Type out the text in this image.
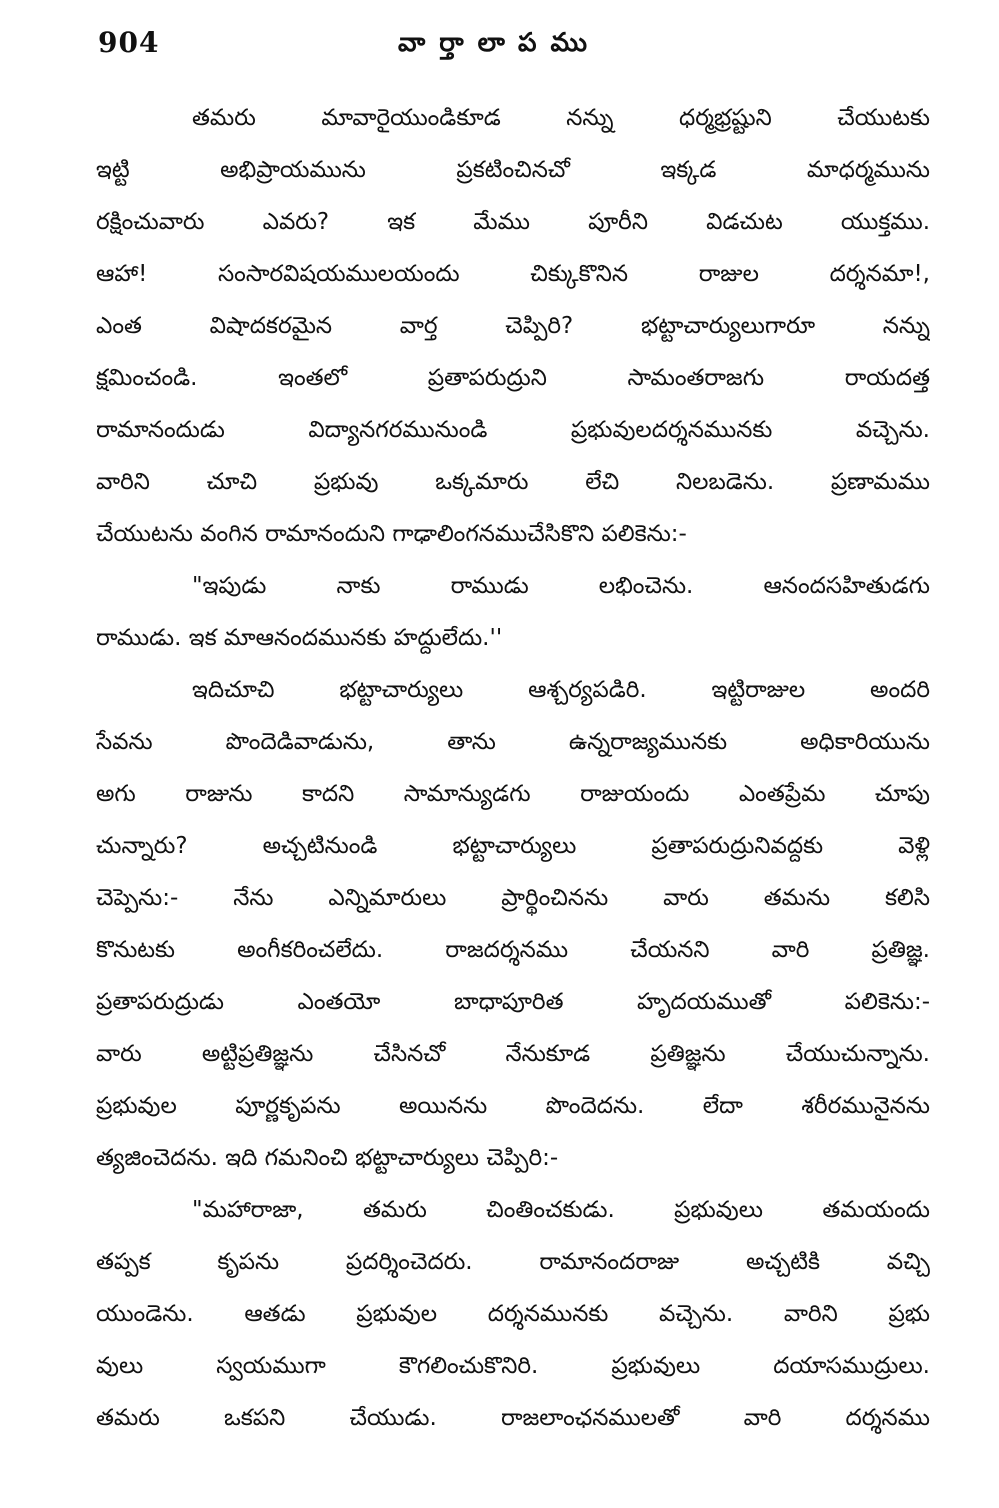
904	వార్తాలాపము
తమరు మావారైయుండికూడ నన్ను ధర్మభ్రష్టుని చేయుటకు
ఇట్టి అభిప్రాయమును ప్రకటించినచో ఇక్కడ మాధర్మమును
రక్షించువారు ఎవరు? ఇక మేము పూరీని విడచుట యుక్తము.
ఆహా! సంసారవిషయములయందు చిక్కుకొనిన రాజుల దర్శనమా!,
ఎంత విషాదకరమైన వార్త చెప్పిరి? భట్టాచార్యులుగారూ నన్ను
క్షమించండి. ఇంతలో ప్రతాపరుద్రుని సామంతరాజగు రాయదత్త
రామానందుడు విద్యానగరమునుండి ప్రభువులదర్శనమునకు వచ్చెను.
వారిని చూచి ప్రభువు ఒక్కమారు లేచి నిలబడెను. ప్రణామము
చేయుటను వంగిన రామానందుని గాఢాలింగనముచేసికొని పలికెను:-
"ఇపుడు నాకు రాముడు లభించెను. ఆనందసహితుడగు
రాముడు. ఇక మాఆనందమునకు హద్దులేదు.''
ఇదిచూచి భట్టాచార్యులు ఆశ్చర్యపడిరి. ఇట్టిరాజుల అందరి
సేవను పొందెడివాడును, తాను ఉన్నరాజ్యమునకు అధికారియును
అగు రాజును కాదని సామాన్యుడగు రాజుయందు ఎంతప్రేమ చూపు
చున్నారు? అచ్చటినుండి భట్టాచార్యులు ప్రతాపరుద్రునివద్దకు వెళ్లి
చెప్పెను:- నేను ఎన్నిమారులు ప్రార్థించినను వారు తమను కలిసి
కొనుటకు అంగీకరించలేదు. రాజదర్శనము చేయనని వారి ప్రతిజ్ఞ.
ప్రతాపరుద్రుడు ఎంతయో బాధాపూరిత హృదయముతో పలికెను:-
వారు అట్టిప్రతిజ్ఞను చేసినచో నేనుకూడ ప్రతిజ్ఞను చేయుచున్నాను.
ప్రభువుల పూర్ణకృపను అయినను పొందెదను. లేదా శరీరమునైనను
త్యజించెదను. ఇది గమనించి భట్టాచార్యులు చెప్పిరి:-
"మహారాజా, తమరు చింతించకుడు. ప్రభువులు తమయందు
తప్పక కృపను ప్రదర్శించెదరు. రామానందరాజు అచ్చటికి వచ్చి
యుండెను. ఆతడు ప్రభువుల దర్శనమునకు వచ్చెను. వారిని ప్రభు
వులు స్వయముగా కౌగలించుకొనిరి. ప్రభువులు దయాసముద్రులు.
తమరు ఒకపని చేయుడు. రాజలాంఛనములతో వారి దర్శనము
